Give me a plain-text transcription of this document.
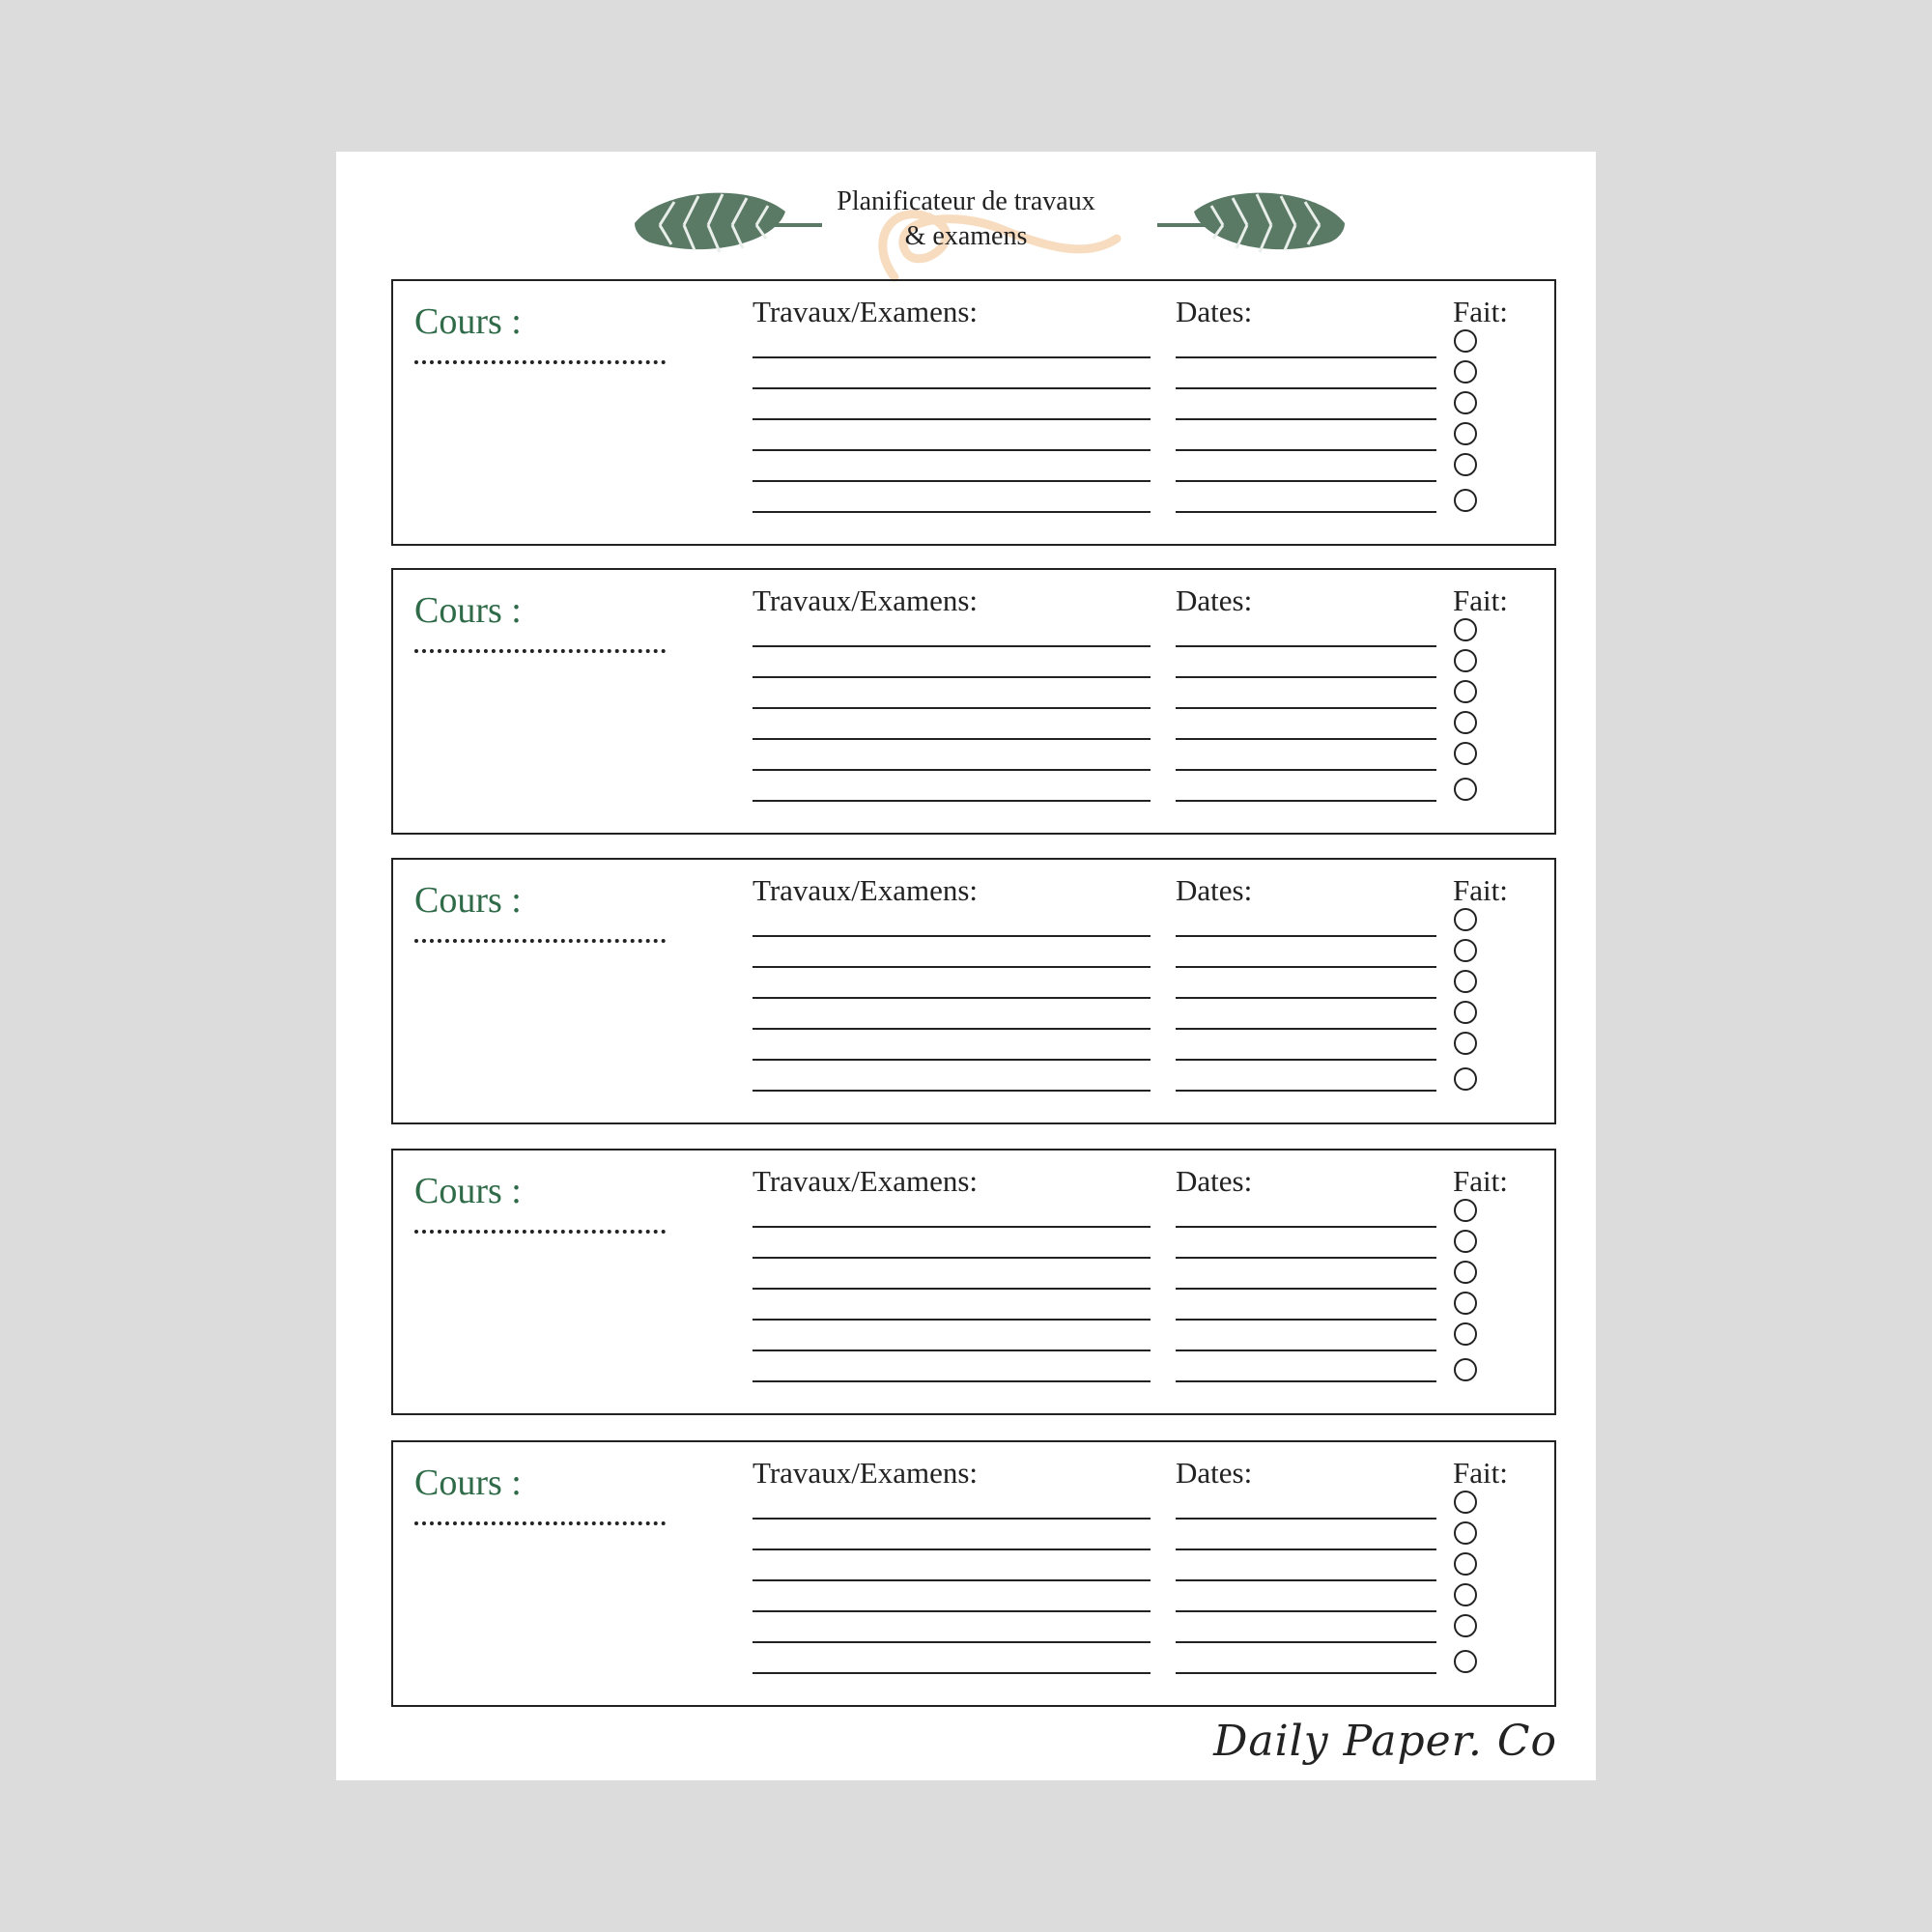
Planificateur de travaux
& examens
Cours :	Travaux/Examens:	Dates:	Fait:
Cours :	Travaux/Examens:	Dates:	Fait:
Cours :	Travaux/Examens:	Dates:	Fait:
Cours :	Travaux/Examens:	Dates:	Fait:
Cours :	Travaux/Examens:	Dates:	Fait:
Daily Paper. Co
